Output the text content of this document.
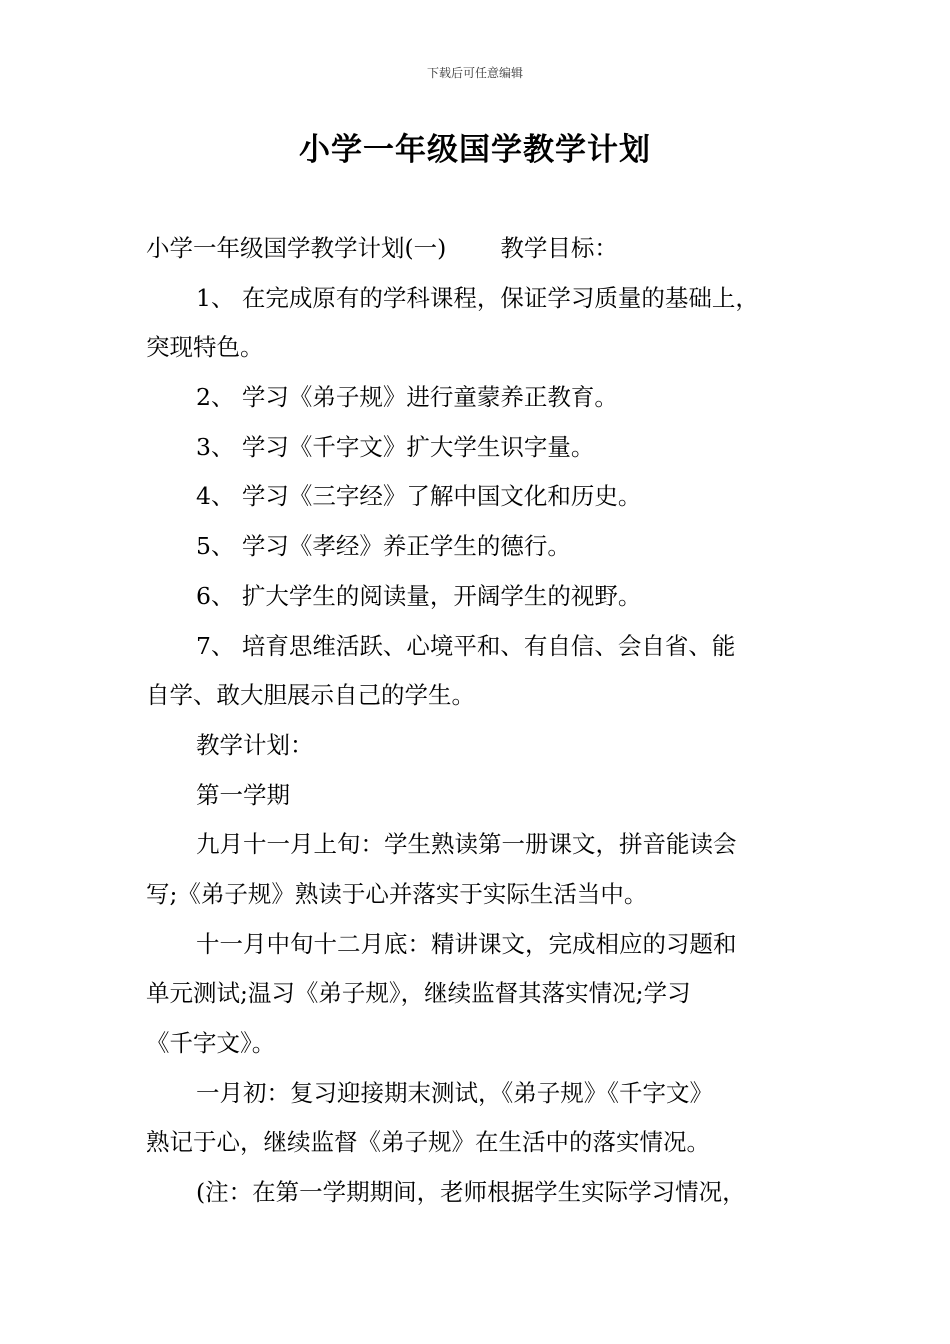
下载后可任意编辑
小学一年级国学教学计划
小学一年级国学教学计划(一) 教学目标：
1、 在完成原有的学科课程，保证学习质量的基础上，
突现特色。
2、 学习《弟子规》进行童蒙养正教育。
3、 学习《千字文》扩大学生识字量。
4、 学习《三字经》了解中国文化和历史。
5、 学习《孝经》养正学生的德行。
6、 扩大学生的阅读量，开阔学生的视野。
7、 培育思维活跃、心境平和、有自信、会自省、能
自学、敢大胆展示自己的学生。
教学计划：
第一学期
九月十一月上旬：学生熟读第一册课文，拼音能读会
写;《弟子规》熟读于心并落实于实际生活当中。
十一月中旬十二月底：精讲课文，完成相应的习题和
单元测试;温习《弟子规》，继续监督其落实情况;学习
《千字文》。
一月初：复习迎接期末测试，《弟子规》《千字文》
熟记于心，继续监督《弟子规》在生活中的落实情况。
(注：在第一学期期间，老师根据学生实际学习情况，
